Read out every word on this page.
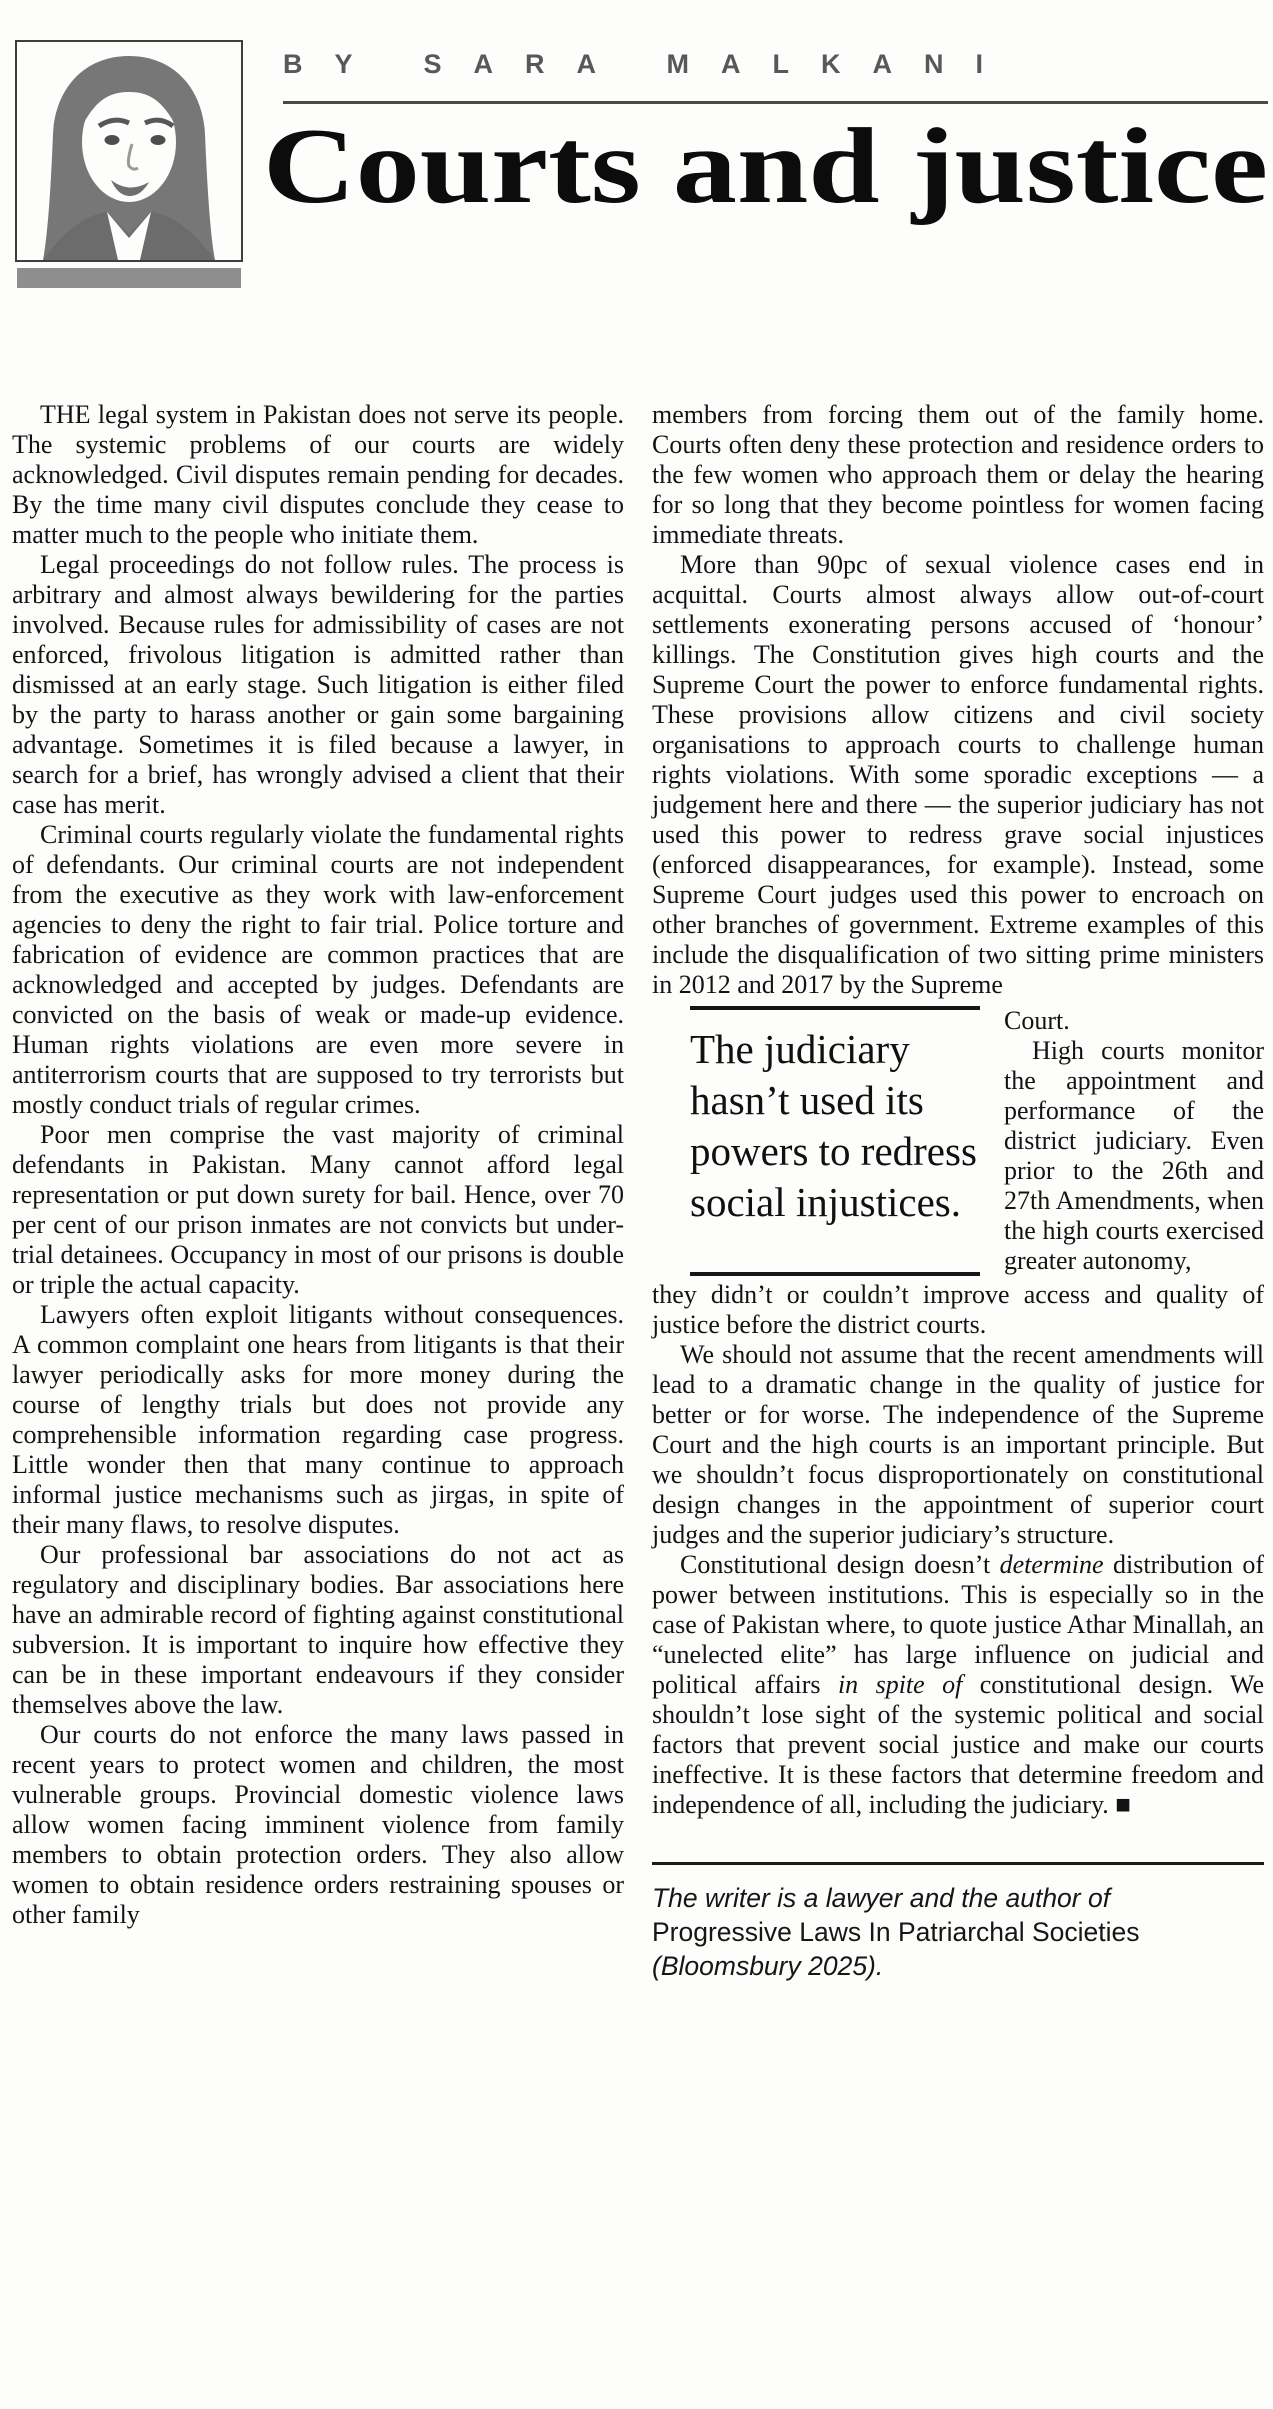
BY SARA MALKANI
Courts and justice

THE legal system in Pakistan does not serve its people. The systemic problems of our courts are widely acknowledged. Civil disputes remain pending for decades. By the time many civil disputes conclude they cease to matter much to the people who initiate them.

Legal proceedings do not follow rules. The process is arbitrary and almost always bewildering for the parties involved. Because rules for admissibility of cases are not enforced, frivolous litigation is admitted rather than dismissed at an early stage. Such litigation is either filed by the party to harass another or gain some bargaining advantage. Sometimes it is filed because a lawyer, in search for a brief, has wrongly advised a client that their case has merit.

Criminal courts regularly violate the fundamental rights of defendants. Our criminal courts are not independent from the executive as they work with law-enforcement agencies to deny the right to fair trial. Police torture and fabrication of evidence are common practices that are acknowledged and accepted by judges. Defendants are convicted on the basis of weak or made-up evidence. Human rights violations are even more severe in antiterrorism courts that are supposed to try terrorists but mostly conduct trials of regular crimes.

Poor men comprise the vast majority of criminal defendants in Pakistan. Many cannot afford legal representation or put down surety for bail. Hence, over 70 per cent of our prison inmates are not convicts but under-trial detainees. Occupancy in most of our prisons is double or triple the actual capacity.

Lawyers often exploit litigants without consequences. A common complaint one hears from litigants is that their lawyer periodically asks for more money during the course of lengthy trials but does not provide any comprehensible information regarding case progress. Little wonder then that many continue to approach informal justice mechanisms such as jirgas, in spite of their many flaws, to resolve disputes.

Our professional bar associations do not act as regulatory and disciplinary bodies. Bar associations here have an admirable record of fighting against constitutional subversion. It is important to inquire how effective they can be in these important endeavours if they consider themselves above the law.

Our courts do not enforce the many laws passed in recent years to protect women and children, the most vulnerable groups. Provincial domestic violence laws allow women facing imminent violence from family members to obtain protection orders. They also allow women to obtain residence orders restraining spouses or other family

members from forcing them out of the family home. Courts often deny these protection and residence orders to the few women who approach them or delay the hearing for so long that they become pointless for women facing immediate threats.

More than 90pc of sexual violence cases end in acquittal. Courts almost always allow out-of-court settlements exonerating persons accused of ‘honour’ killings. The Constitution gives high courts and the Supreme Court the power to enforce fundamental rights. These provisions allow citizens and civil society organisations to approach courts to challenge human rights violations. With some sporadic exceptions — a judgement here and there — the superior judiciary has not used this power to redress grave social injustices (enforced disappearances, for example). Instead, some Supreme Court judges used this power to encroach on other branches of government. Extreme examples of this include the disqualification of two sitting prime ministers in 2012 and 2017 by the Supreme

The judiciary hasn’t used its powers to redress social injustices.

Court.

High courts monitor the appointment and performance of the district judiciary. Even prior to the 26th and 27th Amendments, when the high courts exercised greater autonomy,

they didn’t or couldn’t improve access and quality of justice before the district courts.

We should not assume that the recent amendments will lead to a dramatic change in the quality of justice for better or for worse. The independence of the Supreme Court and the high courts is an important principle. But we shouldn’t focus disproportionately on constitutional design changes in the appointment of superior court judges and the superior judiciary’s structure.

Constitutional design doesn’t determine distribution of power between institutions. This is especially so in the case of Pakistan where, to quote justice Athar Minallah, an “unelected elite” has large influence on judicial and political affairs in spite of constitutional design. We shouldn’t lose sight of the systemic political and social factors that prevent social justice and make our courts ineffective. It is these factors that determine freedom and independence of all, including the judiciary. ■

The writer is a lawyer and the author of
Progressive Laws In Patriarchal Societies
(Bloomsbury 2025).
